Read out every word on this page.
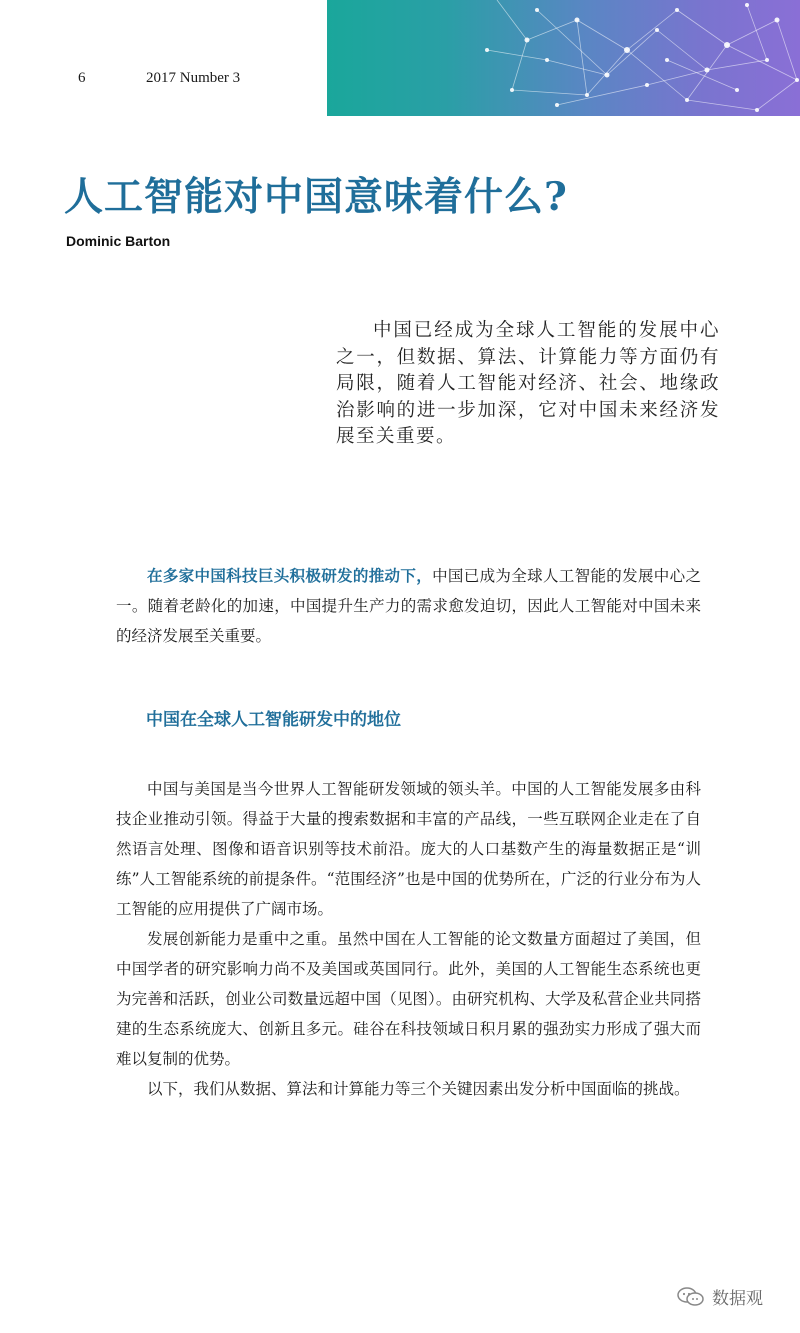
6	2017 Number 3
人工智能对中国意味着什么?
Dominic Barton
中国已经成为全球人工智能的发展中心之一，但数据、算法、计算能力等方面仍有局限，随着人工智能对经济、社会、地缘政治影响的进一步加深，它对中国未来经济发展至关重要。
在多家中国科技巨头积极研发的推动下，中国已成为全球人工智能的发展中心之一。随着老龄化的加速，中国提升生产力的需求愈发迫切，因此人工智能对中国未来的经济发展至关重要。
中国在全球人工智能研发中的地位

中国与美国是当今世界人工智能研发领域的领头羊。中国的人工智能发展多由科技企业推动引领。得益于大量的搜索数据和丰富的产品线，一些互联网企业走在了自然语言处理、图像和语音识别等技术前沿。庞大的人口基数产生的海量数据正是“训练”人工智能系统的前提条件。“范围经济”也是中国的优势所在，广泛的行业分布为人工智能的应用提供了广阔市场。

发展创新能力是重中之重。虽然中国在人工智能的论文数量方面超过了美国，但中国学者的研究影响力尚不及美国或英国同行。此外，美国的人工智能生态系统也更为完善和活跃，创业公司数量远超中国（见图）。由研究机构、大学及私营企业共同搭建的生态系统庞大、创新且多元。硅谷在科技领域日积月累的强劲实力形成了强大而难以复制的优势。

以下，我们从数据、算法和计算能力等三个关键因素出发分析中国面临的挑战。

数据观
